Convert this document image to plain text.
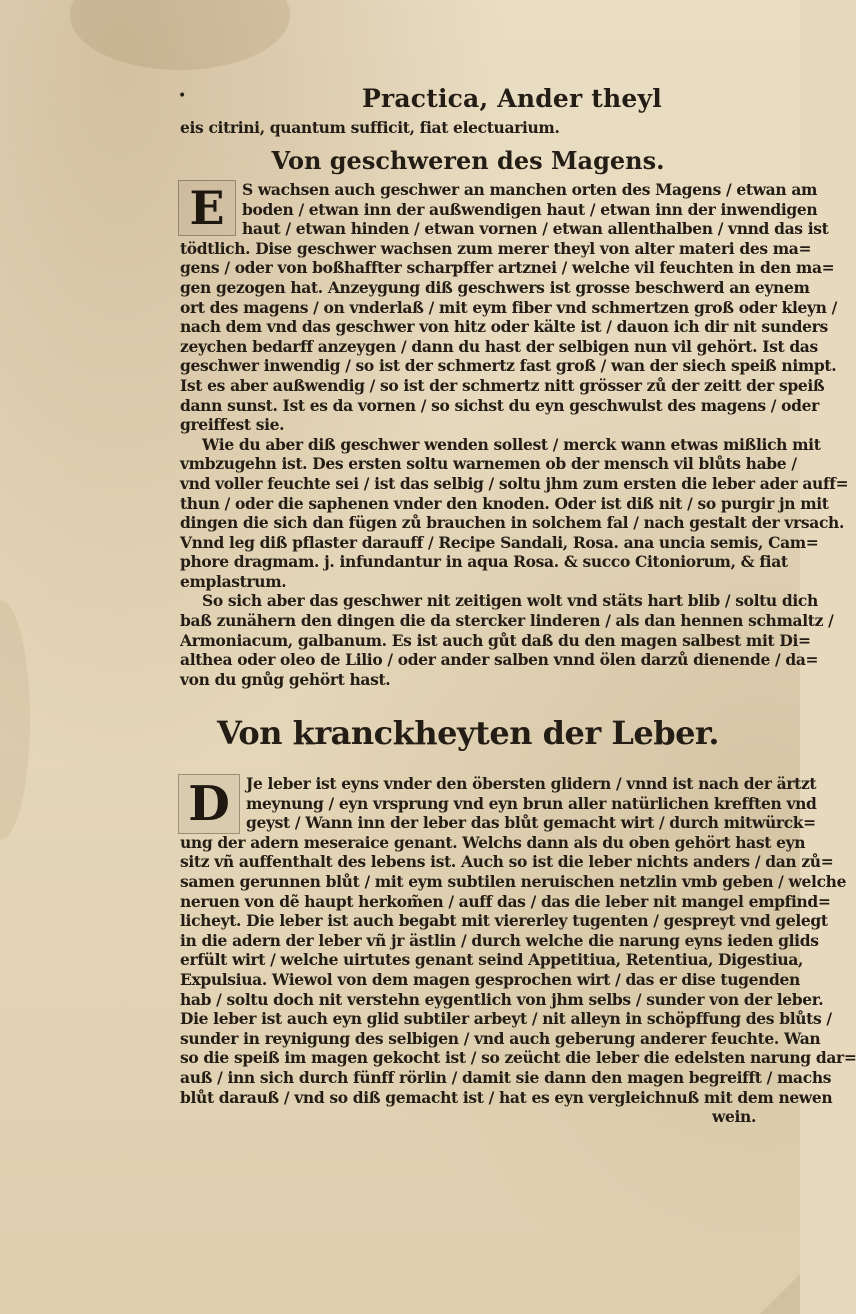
•	Practica, Ander theyl
eis citrini, quantum sufficit, fiat electuarium.
Von geschweren des Magens.
E	S wachsen auch geschwer an manchen orten des Magens / etwan am
boden / etwan inn der außwendigen haut / etwan inn der inwendigen
haut / etwan hinden / etwan vornen / etwan allenthalben / vnnd das ist
tödtlich. Dise geschwer wachsen zum merer theyl von alter materi des ma=
gens / oder von boßhaffter scharpffer artznei / welche vil feuchten in den ma=
gen gezogen hat. Anzeygung diß geschwers ist grosse beschwerd an eynem
ort des magens / on vnderlaß / mit eym fiber vnd schmertzen groß oder kleyn /
nach dem vnd das geschwer von hitz oder kälte ist / dauon ich dir nit sunders
zeychen bedarff anzeygen / dann du hast der selbigen nun vil gehört. Ist das
geschwer inwendig / so ist der schmertz fast groß / wan der siech speiß nimpt.
Ist es aber außwendig / so ist der schmertz nitt grösser zů der zeitt der speiß
dann sunst. Ist es da vornen / so sichst du eyn geschwulst des magens / oder
greiffest sie.
Wie du aber diß geschwer wenden sollest / merck wann etwas mißlich mit
vmbzugehn ist. Des ersten soltu warnemen ob der mensch vil blůts habe /
vnd voller feuchte sei / ist das selbig / soltu jhm zum ersten die leber ader auff=
thun / oder die saphenen vnder den knoden. Oder ist diß nit / so purgir jn mit
dingen die sich dan fügen zů brauchen in solchem fal / nach gestalt der vrsach.
Vnnd leg diß pflaster darauff / Recipe Sandali, Rosa. ana uncia semis, Cam=
phore dragmam. j. infundantur in aqua Rosa. & succo Citoniorum, & fiat
emplastrum.
So sich aber das geschwer nit zeitigen wolt vnd stäts hart blib / soltu dich
baß zunähern den dingen die da stercker linderen / als dan hennen schmaltz /
Armoniacum, galbanum. Es ist auch gůt daß du den magen salbest mit Di=
althea oder oleo de Lilio / oder ander salben vnnd ölen darzů dienende / da=
von du gnůg gehört hast.
Von kranckheyten der Leber.
D	Je leber ist eyns vnder den öbersten glidern / vnnd ist nach der ärtzt
meynung / eyn vrsprung vnd eyn brun aller natürlichen krefften vnd
geyst / Wann inn der leber das blůt gemacht wirt / durch mitwürck=
ung der adern meseraice genant. Welchs dann als du oben gehört hast eyn
sitz vñ auffenthalt des lebens ist. Auch so ist die leber nichts anders / dan zů=
samen gerunnen blůt / mit eym subtilen neruischen netzlin vmb geben / welche
neruen von dẽ haupt herkom̃en / auff das / das die leber nit mangel empfind=
licheyt. Die leber ist auch begabt mit viererley tugenten / gespreyt vnd gelegt
in die adern der leber vñ jr ästlin / durch welche die narung eyns ieden glids
erfült wirt / welche uirtutes genant seind Appetitiua, Retentiua, Digestiua,
Expulsiua. Wiewol von dem magen gesprochen wirt / das er dise tugenden
hab / soltu doch nit verstehn eygentlich von jhm selbs / sunder von der leber.
Die leber ist auch eyn glid subtiler arbeyt / nit alleyn in schöpffung des blůts /
sunder in reynigung des selbigen / vnd auch geberung anderer feuchte. Wan
so die speiß im magen gekocht ist / so zeücht die leber die edelsten narung dar=
auß / inn sich durch fünff rörlin / damit sie dann den magen begreifft / machs
blůt darauß / vnd so diß gemacht ist / hat es eyn vergleichnuß mit dem newen
wein.
